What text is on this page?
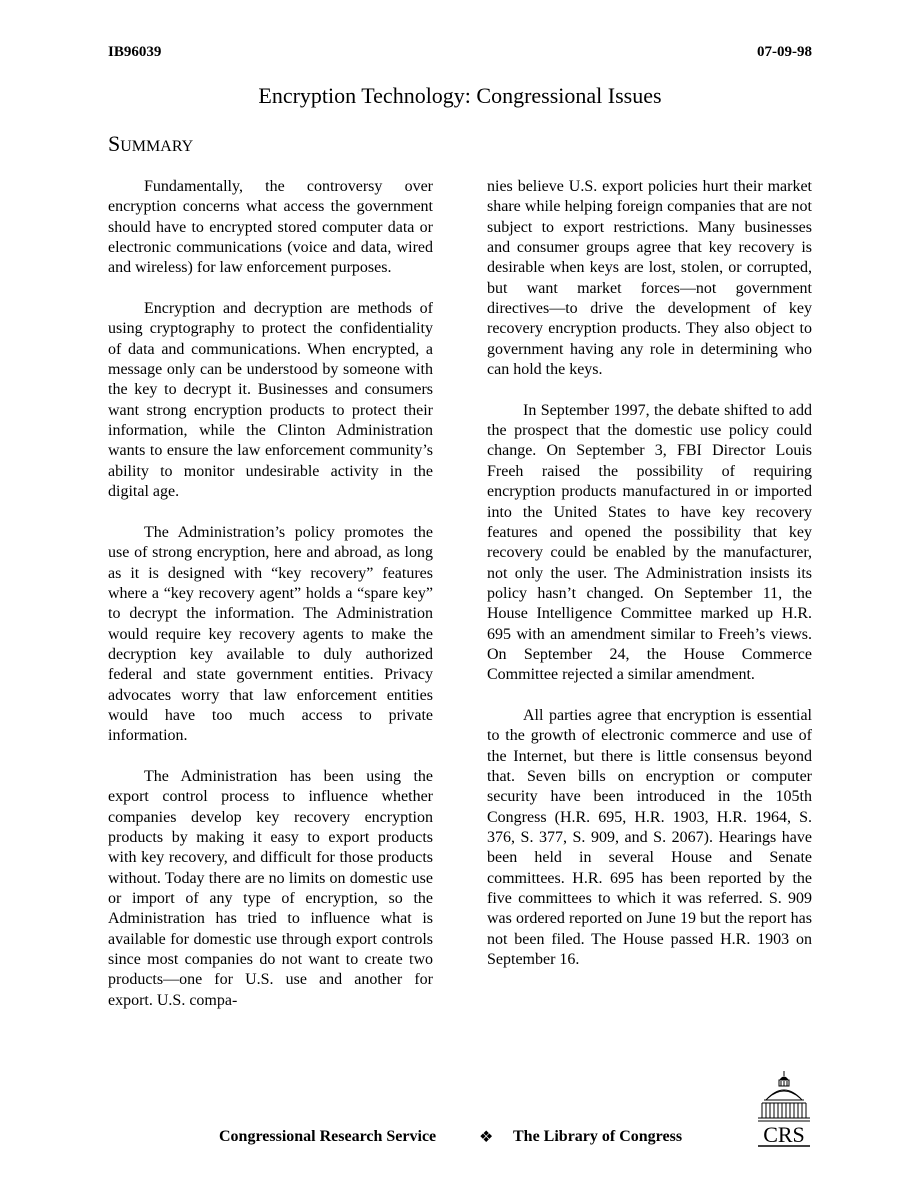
IB96039	07-09-98
Encryption Technology: Congressional Issues
SUMMARY

Fundamentally, the controversy over encryption concerns what access the government should have to encrypted stored computer data or electronic communications (voice and data, wired and wireless) for law enforcement purposes.

Encryption and decryption are methods of using cryptography to protect the confidentiality of data and communications. When encrypted, a message only can be understood by someone with the key to decrypt it. Businesses and consumers want strong encryption products to protect their information, while the Clinton Administration wants to ensure the law enforcement community’s ability to monitor undesirable activity in the digital age.

The Administration’s policy promotes the use of strong encryption, here and abroad, as long as it is designed with “key recovery” features where a “key recovery agent” holds a “spare key” to decrypt the information. The Administration would require key recovery agents to make the decryption key available to duly authorized federal and state government entities. Privacy advocates worry that law enforcement entities would have too much access to private information.

The Administration has been using the export control process to influence whether companies develop key recovery encryption products by making it easy to export products with key recovery, and difficult for those products without. Today there are no limits on domestic use or import of any type of encryption, so the Administration has tried to influence what is available for domestic use through export controls since most companies do not want to create two products—one for U.S. use and another for export. U.S. compa-

nies believe U.S. export policies hurt their market share while helping foreign companies that are not subject to export restrictions. Many businesses and consumer groups agree that key recovery is desirable when keys are lost, stolen, or corrupted, but want market forces—not government directives—to drive the development of key recovery encryption products. They also object to government having any role in determining who can hold the keys.

In September 1997, the debate shifted to add the prospect that the domestic use policy could change. On September 3, FBI Director Louis Freeh raised the possibility of requiring encryption products manufactured in or imported into the United States to have key recovery features and opened the possibility that key recovery could be enabled by the manufacturer, not only the user. The Administration insists its policy hasn’t changed. On September 11, the House Intelligence Committee marked up H.R. 695 with an amendment similar to Freeh’s views. On September 24, the House Commerce Committee rejected a similar amendment.

All parties agree that encryption is essential to the growth of electronic commerce and use of the Internet, but there is little consensus beyond that. Seven bills on encryption or computer security have been introduced in the 105th Congress (H.R. 695, H.R. 1903, H.R. 1964, S. 376, S. 377, S. 909, and S. 2067). Hearings have been held in several House and Senate committees. H.R. 695 has been reported by the five committees to which it was referred. S. 909 was ordered reported on June 19 but the report has not been filed. The House passed H.R. 1903 on September 16.

Congressional Research Service	❖ The Library of Congress	CRS
